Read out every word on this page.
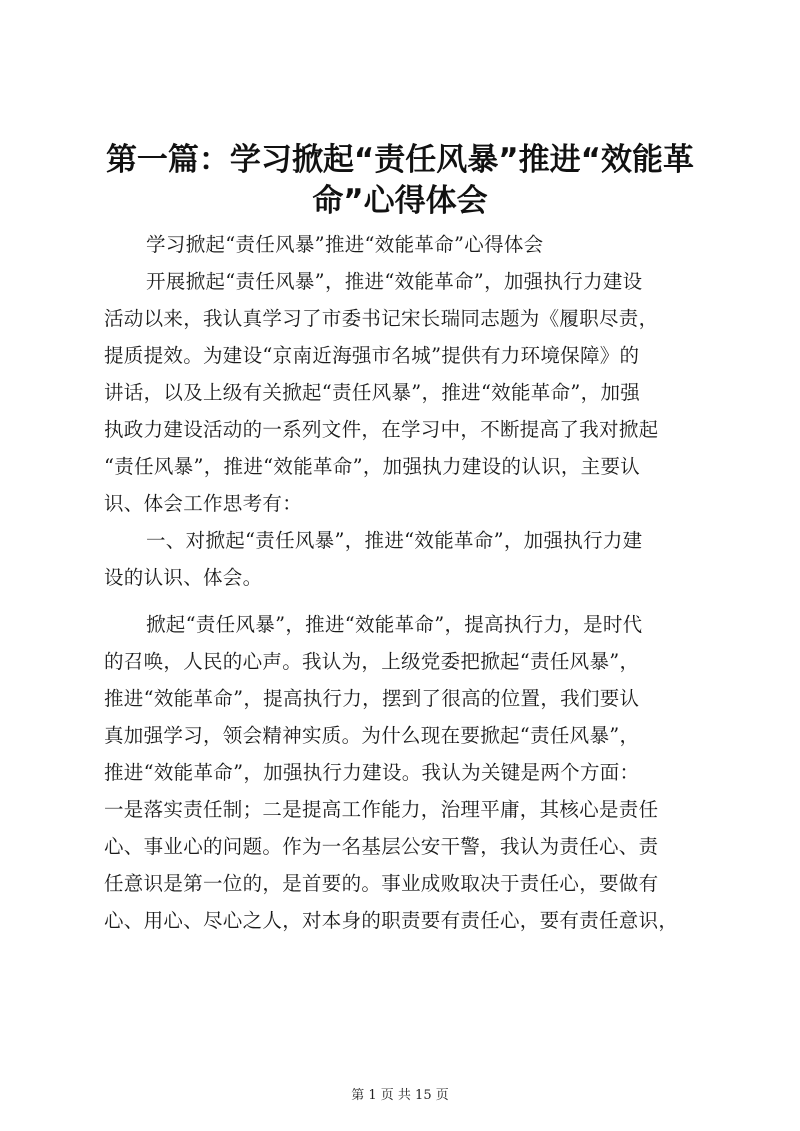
第一篇：学习掀起“责任风暴”推进“效能革
命”心得体会
学习掀起“责任风暴”推进“效能革命”心得体会
开展掀起“责任风暴”，推进“效能革命”，加强执行力建设
活动以来，我认真学习了市委书记宋长瑞同志题为《履职尽责，
提质提效。为建设“京南近海强市名城”提供有力环境保障》的
讲话，以及上级有关掀起“责任风暴”，推进“效能革命”，加强
执政力建设活动的一系列文件，在学习中，不断提高了我对掀起
“责任风暴”，推进“效能革命”，加强执力建设的认识，主要认
识、体会工作思考有：
一、对掀起“责任风暴”，推进“效能革命”，加强执行力建
设的认识、体会。
掀起“责任风暴”，推进“效能革命”，提高执行力，是时代
的召唤，人民的心声。我认为，上级党委把掀起“责任风暴”，
推进“效能革命”，提高执行力，摆到了很高的位置，我们要认
真加强学习，领会精神实质。为什么现在要掀起“责任风暴”，
推进“效能革命”，加强执行力建设。我认为关键是两个方面：
一是落实责任制；二是提高工作能力，治理平庸，其核心是责任
心、事业心的问题。作为一名基层公安干警，我认为责任心、责
任意识是第一位的，是首要的。事业成败取决于责任心，要做有
心、用心、尽心之人，对本身的职责要有责任心，要有责任意识，
第 1 页 共 15 页
